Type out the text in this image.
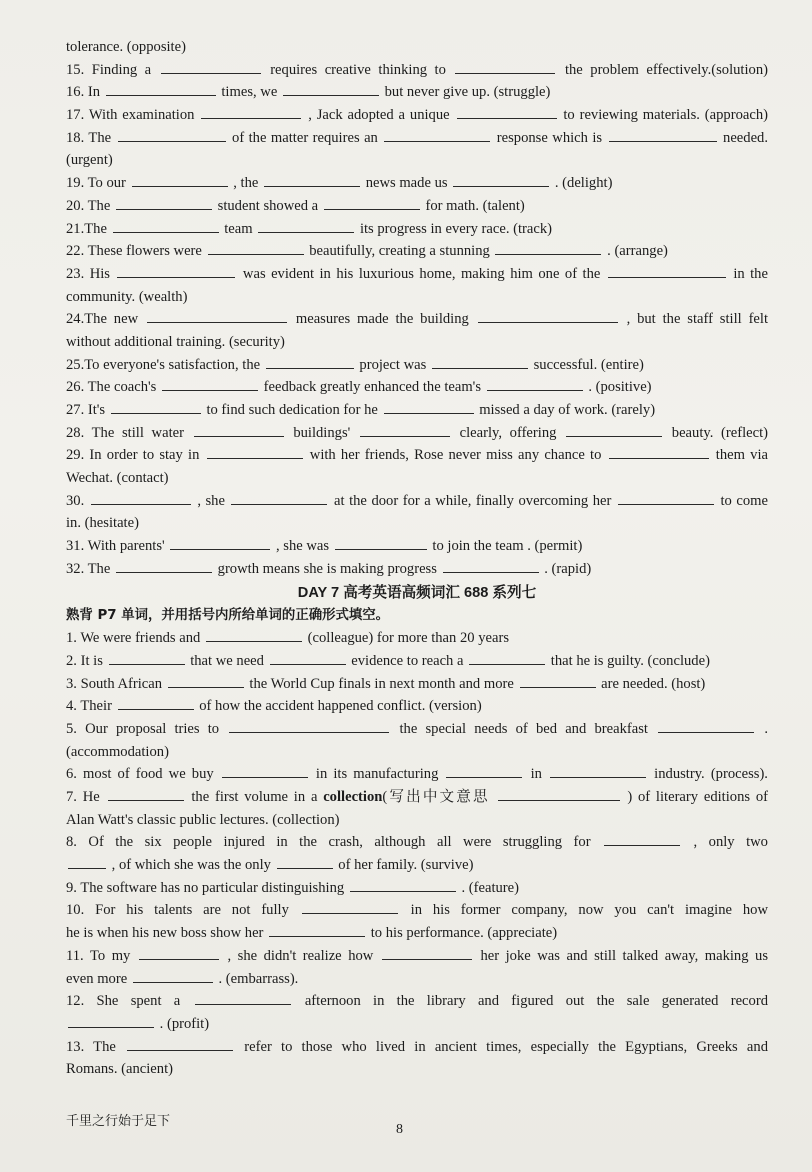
tolerance. (opposite)
15. Finding a	requires creative thinking to	the problem effectively.(solution)
16. In	times, we	but never give up. (struggle)
17. With examination	, Jack adopted a unique	to reviewing materials. (approach)
18. The	of the matter requires an	response which is	needed.
(urgent)
19. To our	, the	news made us	. (delight)
20. The	student showed a	for math. (talent)
21.The	team	its progress in every race. (track)
22. These flowers were	beautifully, creating a stunning	. (arrange)
23. His	was evident in his luxurious home, making him one of the	in the
community. (wealth)
24.The new	measures made the building	, but the staff still felt
without additional training. (security)
25.To everyone's satisfaction, the	project was	successful. (entire)
26. The coach's	feedback greatly enhanced the team's	. (positive)
27. It's	to find such dedication for he	missed a day of work. (rarely)
28. The still water	buildings'	clearly, offering	beauty. (reflect)
29. In order to stay in	with her friends, Rose never miss any chance to	them via
Wechat. (contact)
30.	, she	at the door for a while, finally overcoming her	to come
in. (hesitate)
31. With parents'	, she was	to join the team . (permit)
32. The	growth means she is making progress	. (rapid)
DAY 7 高考英语高频词汇 688 系列七
熟背 P7 单词，并用括号内所给单词的正确形式填空。
1. We were friends and	(colleague) for more than 20 years
2. It is	that we need	evidence to reach a	that he is guilty. (conclude)
3. South African	the World Cup finals in next month and more	are needed. (host)
4. Their	of how the accident happened conflict. (version)
5. Our proposal tries to	the special needs of bed and breakfast	.
(accommodation)
6. most of food we buy	in its manufacturing	in	industry. (process).
7. He	the first volume in a collection(写出中文意思	) of literary editions of
Alan Watt's classic public lectures. (collection)
8. Of the six people injured in the crash, although all were struggling for	, only two
, of which she was the only	of her family. (survive)
9. The software has no particular distinguishing	. (feature)
10. For his talents are not fully	in his former company, now you can't imagine how
he is when his new boss show her	to his performance. (appreciate)
11. To my	, she didn't realize how	her joke was and still talked away, making us
even more	. (embarrass).
12. She spent a	afternoon in the library and figured out the sale generated record
. (profit)
13. The	refer to those who lived in ancient times, especially the Egyptians, Greeks and
Romans. (ancient)
千里之行始于足下
8
